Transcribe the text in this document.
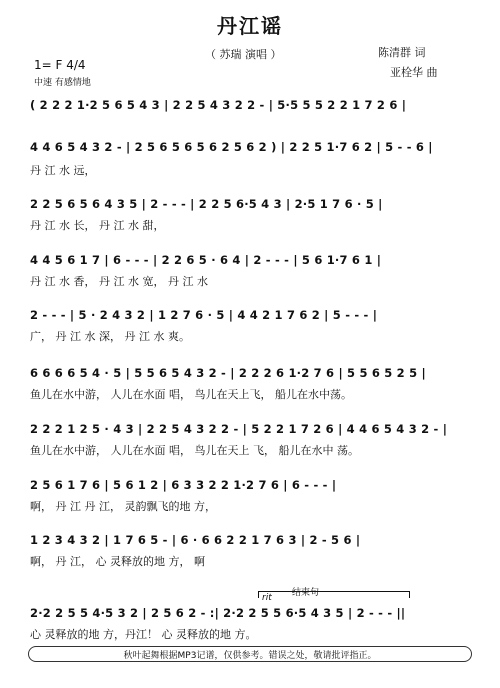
丹江谣
（ 苏瑞 演唱 ）	陈清群 词
亚栓华 曲
1= F 4/4
中速 有感情地
( 2 2 2 1·2 5 6 5 4 3 | 2 2 5 4 3 2 2 - | 5·5 5 5 2 2 1 7 2 6 |
4 4 6 5 4 3 2 - | 2 5 6 5 6 5 6 2 5 6 2 ) | 2 2 5 1·7 6 2 | 5 - - 6 |
丹 江 水 远，
2 2 5 6 5 6 4 3 5 | 2 - - - | 2 2 5 6·5 4 3 | 2·5 1 7 6 · 5 |
丹 江 水 长， 丹 江 水 甜，
4 4 5 6 1 7 | 6 - - - | 2 2 6 5 · 6 4 | 2 - - - | 5 6 1·7 6 1 |
丹 江 水 香， 丹 江 水 宽， 丹 江 水
2 - - - | 5 · 2 4 3 2 | 1 2 7 6 · 5 | 4 4 2 1 7 6 2 | 5 - - - |
广， 丹 江 水 深， 丹 江 水 爽。
6 6 6 6 5 4 · 5 | 5 5 6 5 4 3 2 - | 2 2 2 6 1·2 7 6 | 5 5 6 5 2 5 |
鱼儿在水中游， 人儿在水面 唱， 鸟儿在天上飞， 船儿在水中荡。
2 2 2 1 2 5 · 4 3 | 2 2 5 4 3 2 2 - | 5 2 2 1 7 2 6 | 4 4 6 5 4 3 2 - |
鱼儿在水中游， 人儿在水面 唱， 鸟儿在天上 飞， 船儿在水中 荡。
2 5 6 1 7 6 | 5 6 1 2 | 6 3 3 2 2 1·2 7 6 | 6 - - - |
啊， 丹 江 丹 江， 灵韵飘飞的地 方，
1 2 3 4 3 2 | 1 7 6 5 - | 6 · 6 6 2 2 1 7 6 3 | 2 - 5 6 |
啊， 丹 江， 心 灵释放的地 方， 啊
结束句
rit
2·2 2 5 5 4·5 3 2 | 2 5 6 2 - :| 2·2 2 5 5 6·5 4 3 5 | 2 - - - ||
心 灵释放的地 方，丹江！ 心 灵释放的地 方。
秋叶起舞根据MP3记谱，仅供参考。错误之处，敬请批评指正。
